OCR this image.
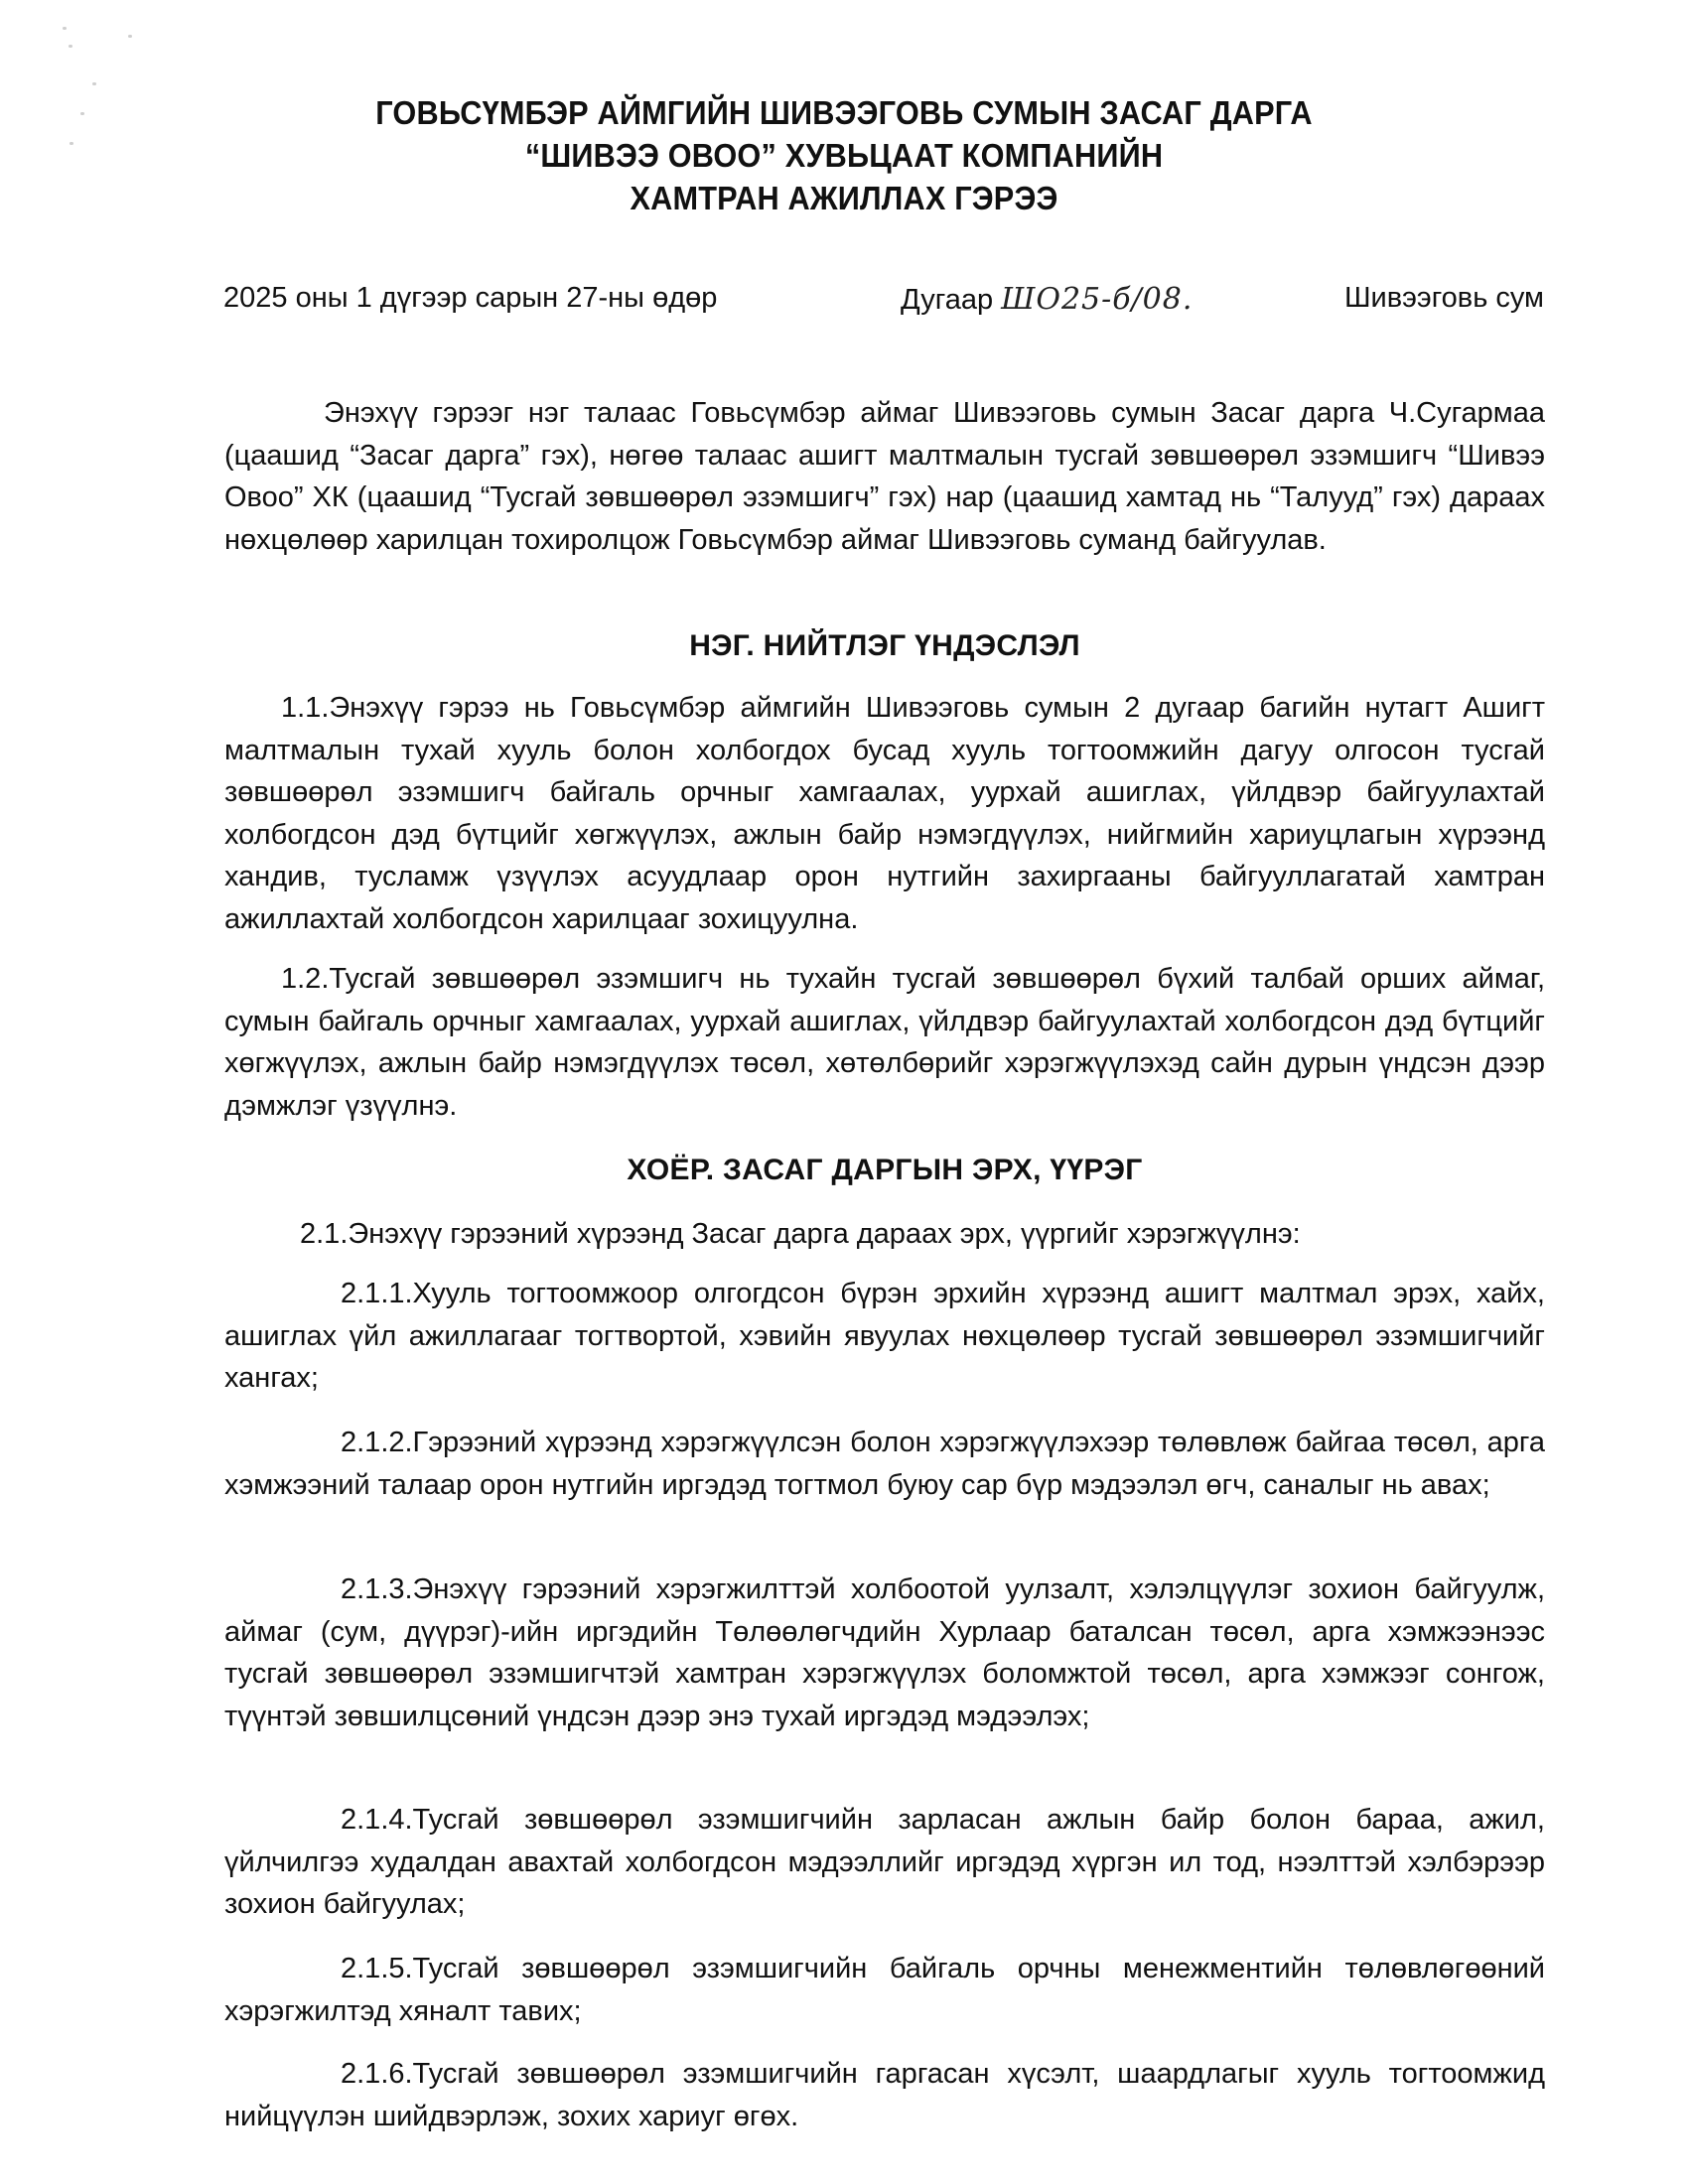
ГОВЬСҮМБЭР АЙМГИЙН ШИВЭЭГОВЬ СУМЫН ЗАСАГ ДАРГА
“ШИВЭЭ ОВОО” ХУВЬЦААТ КОМПАНИЙН
ХАМТРАН АЖИЛЛАХ ГЭРЭЭ
2025 оны 1 дүгээр сарын 27-ны өдөр	Дугаар ШО25-б/08.	Шивээговь сум

Энэхүү гэрээг нэг талаас Говьсүмбэр аймаг Шивээговь сумын Засаг дарга Ч.Сугармаа (цаашид “Засаг дарга” гэх), нөгөө талаас ашигт малтмалын тусгай зөвшөөрөл эзэмшигч “Шивээ Овоо” ХК (цаашид “Тусгай зөвшөөрөл эзэмшигч” гэх) нар (цаашид хамтад нь “Талууд” гэх) дараах нөхцөлөөр харилцан тохиролцож Говьсүмбэр аймаг Шивээговь суманд байгуулав.

НЭГ. НИЙТЛЭГ ҮНДЭСЛЭЛ

1.1.Энэхүү гэрээ нь Говьсүмбэр аймгийн Шивээговь сумын 2 дугаар багийн нутагт Ашигт малтмалын тухай хууль болон холбогдох бусад хууль тогтоомжийн дагуу олгосон тусгай зөвшөөрөл эзэмшигч байгаль орчныг хамгаалах, уурхай ашиглах, үйлдвэр байгуулахтай холбогдсон дэд бүтцийг хөгжүүлэх, ажлын байр нэмэгдүүлэх, нийгмийн хариуцлагын хүрээнд хандив, тусламж үзүүлэх асуудлаар орон нутгийн захиргааны байгууллагатай хамтран ажиллахтай холбогдсон харилцааг зохицуулна.

1.2.Тусгай зөвшөөрөл эзэмшигч нь тухайн тусгай зөвшөөрөл бүхий талбай орших аймаг, сумын байгаль орчныг хамгаалах, уурхай ашиглах, үйлдвэр байгуулахтай холбогдсон дэд бүтцийг хөгжүүлэх, ажлын байр нэмэгдүүлэх төсөл, хөтөлбөрийг хэрэгжүүлэхэд сайн дурын үндсэн дээр дэмжлэг үзүүлнэ.

ХОЁР. ЗАСАГ ДАРГЫН ЭРХ, ҮҮРЭГ

2.1.Энэхүү гэрээний хүрээнд Засаг дарга дараах эрх, үүргийг хэрэгжүүлнэ:

2.1.1.Хууль тогтоомжоор олгогдсон бүрэн эрхийн хүрээнд ашигт малтмал эрэх, хайх, ашиглах үйл ажиллагааг тогтвортой, хэвийн явуулах нөхцөлөөр тусгай зөвшөөрөл эзэмшигчийг хангах;

2.1.2.Гэрээний хүрээнд хэрэгжүүлсэн болон хэрэгжүүлэхээр төлөвлөж байгаа төсөл, арга хэмжээний талаар орон нутгийн иргэдэд тогтмол буюу сар бүр мэдээлэл өгч, саналыг нь авах;

2.1.3.Энэхүү гэрээний хэрэгжилттэй холбоотой уулзалт, хэлэлцүүлэг зохион байгуулж, аймаг (сум, дүүрэг)-ийн иргэдийн Төлөөлөгчдийн Хурлаар баталсан төсөл, арга хэмжээнээс тусгай зөвшөөрөл эзэмшигчтэй хамтран хэрэгжүүлэх боломжтой төсөл, арга хэмжээг сонгож, түүнтэй зөвшилцсөний үндсэн дээр энэ тухай иргэдэд мэдээлэх;

2.1.4.Тусгай зөвшөөрөл эзэмшигчийн зарласан ажлын байр болон бараа, ажил, үйлчилгээ худалдан авахтай холбогдсон мэдээллийг иргэдэд хүргэн ил тод, нээлттэй хэлбэрээр зохион байгуулах;

2.1.5.Тусгай зөвшөөрөл эзэмшигчийн байгаль орчны менежментийн төлөвлөгөөний хэрэгжилтэд хяналт тавих;

2.1.6.Тусгай зөвшөөрөл эзэмшигчийн гаргасан хүсэлт, шаардлагыг хууль тогтоомжид нийцүүлэн шийдвэрлэж, зохих хариуг өгөх.
